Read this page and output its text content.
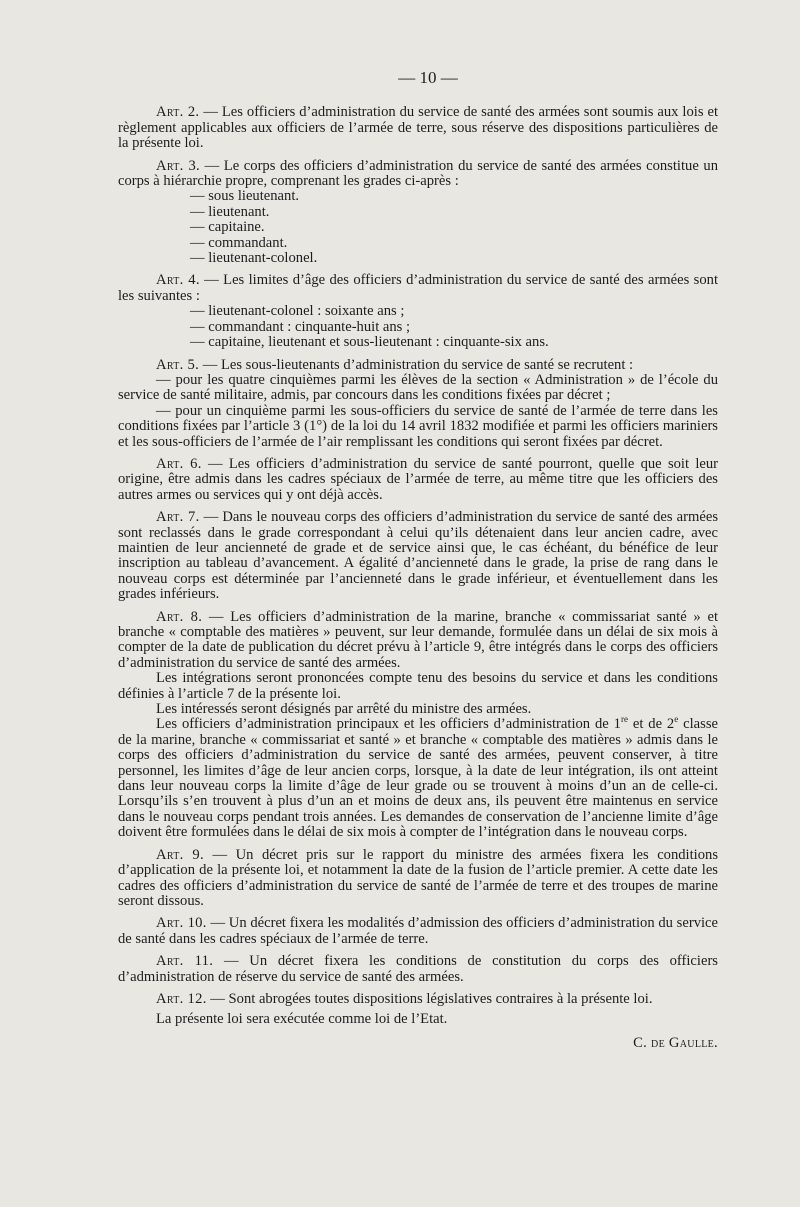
— 10 —

Art. 2. — Les officiers d’administration du service de santé des armées sont soumis aux lois et règlement applicables aux officiers de l’armée de terre, sous réserve des dispositions particulières de la présente loi.

Art. 3. — Le corps des officiers d’administration du service de santé des armées constitue un corps à hiérarchie propre, comprenant les grades ci-après :

— sous lieutenant.
— lieutenant.
— capitaine.
— commandant.
— lieutenant-colonel.

Art. 4. — Les limites d’âge des officiers d’administration du service de santé des armées sont les suivantes :

— lieutenant-colonel : soixante ans ;
— commandant : cinquante-huit ans ;
— capitaine, lieutenant et sous-lieutenant : cinquante-six ans.

Art. 5. — Les sous-lieutenants d’administration du service de santé se recrutent :

— pour les quatre cinquièmes parmi les élèves de la section « Administration » de l’école du service de santé militaire, admis, par concours dans les conditions fixées par décret ;

— pour un cinquième parmi les sous-officiers du service de santé de l’armée de terre dans les conditions fixées par l’article 3 (1°) de la loi du 14 avril 1832 modifiée et parmi les officiers mariniers et les sous-officiers de l’armée de l’air remplissant les conditions qui seront fixées par décret.

Art. 6. — Les officiers d’administration du service de santé pourront, quelle que soit leur origine, être admis dans les cadres spéciaux de l’armée de terre, au même titre que les officiers des autres armes ou services qui y ont déjà accès.

Art. 7. — Dans le nouveau corps des officiers d’administration du service de santé des armées sont reclassés dans le grade correspondant à celui qu’ils détenaient dans leur ancien cadre, avec maintien de leur ancienneté de grade et de service ainsi que, le cas échéant, du bénéfice de leur inscription au tableau d’avancement. A égalité d’ancienneté dans le grade, la prise de rang dans le nouveau corps est déterminée par l’ancienneté dans le grade inférieur, et éventuellement dans les grades inférieurs.

Art. 8. — Les officiers d’administration de la marine, branche « commissariat santé » et branche « comptable des matières » peuvent, sur leur demande, formulée dans un délai de six mois à compter de la date de publication du décret prévu à l’article 9, être intégrés dans le corps des officiers d’administration du service de santé des armées.

Les intégrations seront prononcées compte tenu des besoins du service et dans les conditions définies à l’article 7 de la présente loi.

Les intéressés seront désignés par arrêté du ministre des armées.

Les officiers d’administration principaux et les officiers d’administration de 1re et de 2e classe de la marine, branche « commissariat et santé » et branche « comptable des matières » admis dans le corps des officiers d’administration du service de santé des armées, peuvent conserver, à titre personnel, les limites d’âge de leur ancien corps, lorsque, à la date de leur intégration, ils ont atteint dans leur nouveau corps la limite d’âge de leur grade ou se trouvent à moins d’un an de celle-ci. Lorsqu’ils s’en trouvent à plus d’un an et moins de deux ans, ils peuvent être maintenus en service dans le nouveau corps pendant trois années. Les demandes de conservation de l’ancienne limite d’âge doivent être formulées dans le délai de six mois à compter de l’intégration dans le nouveau corps.

Art. 9. — Un décret pris sur le rapport du ministre des armées fixera les conditions d’application de la présente loi, et notamment la date de la fusion de l’article premier. A cette date les cadres des officiers d’administration du service de santé de l’armée de terre et des troupes de marine seront dissous.

Art. 10. — Un décret fixera les modalités d’admission des officiers d’administration du service de santé dans les cadres spéciaux de l’armée de terre.

Art. 11. — Un décret fixera les conditions de constitution du corps des officiers d’administration de réserve du service de santé des armées.

Art. 12. — Sont abrogées toutes dispositions législatives contraires à la présente loi.

La présente loi sera exécutée comme loi de l’Etat.

C. de Gaulle.
